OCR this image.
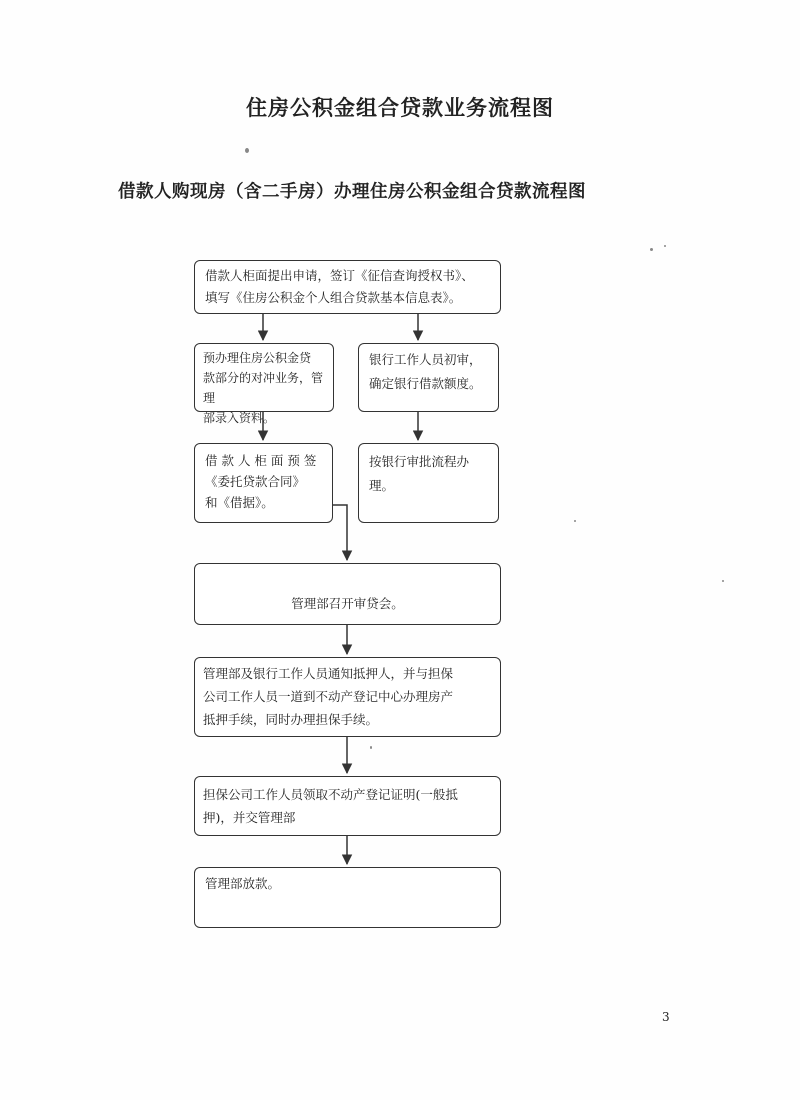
住房公积金组合贷款业务流程图
借款人购现房（含二手房）办理住房公积金组合贷款流程图
借款人柜面提出申请，签订《征信查询授权书》、
填写《住房公积金个人组合贷款基本信息表》。
预办理住房公积金贷
款部分的对冲业务，管理
部录入资料。
银行工作人员初审，
确定银行借款额度。
借 款 人 柜 面 预 签
《委托贷款合同》
和《借据》。
按银行审批流程办
理。
管理部召开审贷会。
管理部及银行工作人员通知抵押人，并与担保
公司工作人员一道到不动产登记中心办理房产
抵押手续，同时办理担保手续。
担保公司工作人员领取不动产登记证明(一般抵
押)，并交管理部
管理部放款。
3
